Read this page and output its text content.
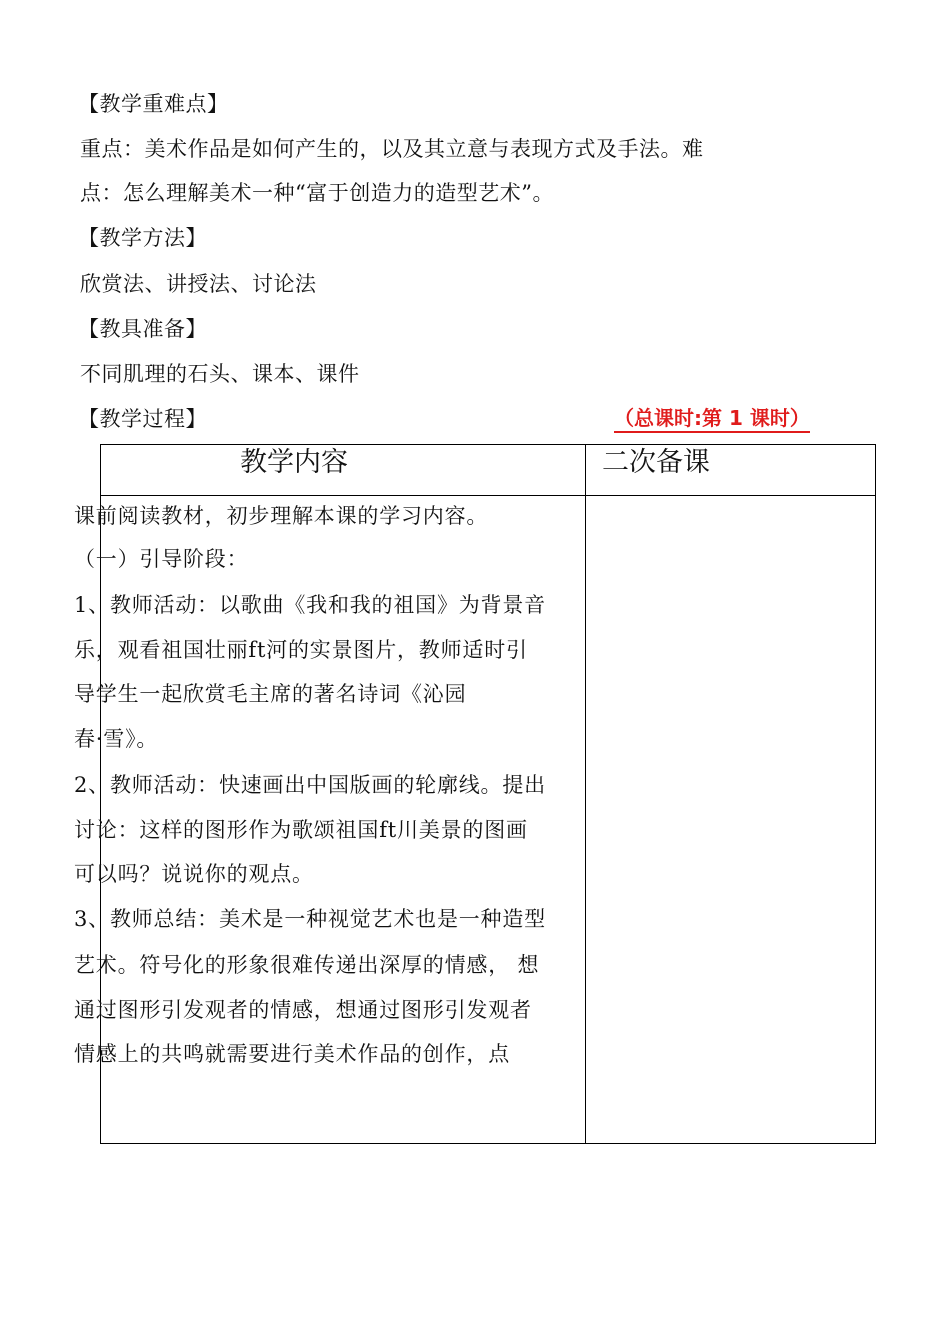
【教学重难点】
重点：美术作品是如何产生的，以及其立意与表现方式及手法。难
点：怎么理解美术一种“富于创造力的造型艺术”。
【教学方法】
欣赏法、讲授法、讨论法
【教具准备】
不同肌理的石头、课本、课件
【教学过程】	（总课时:第 1 课时）
教学内容	二次备课
课前阅读教材，初步理解本课的学习内容。
（一）引导阶段：
1、教师活动：以歌曲《我和我的祖国》为背景音
乐，观看祖国壮丽ft河的实景图片，教师适时引
导学生一起欣赏毛主席的著名诗词《沁园
春·雪》。
2、教师活动：快速画出中国版画的轮廓线。提出
讨论：这样的图形作为歌颂祖国ft川美景的图画
可以吗？说说你的观点。
3、教师总结：美术是一种视觉艺术也是一种造型
艺术。符号化的形象很难传递出深厚的情感， 想
通过图形引发观者的情感，想通过图形引发观者
情感上的共鸣就需要进行美术作品的创作，点
